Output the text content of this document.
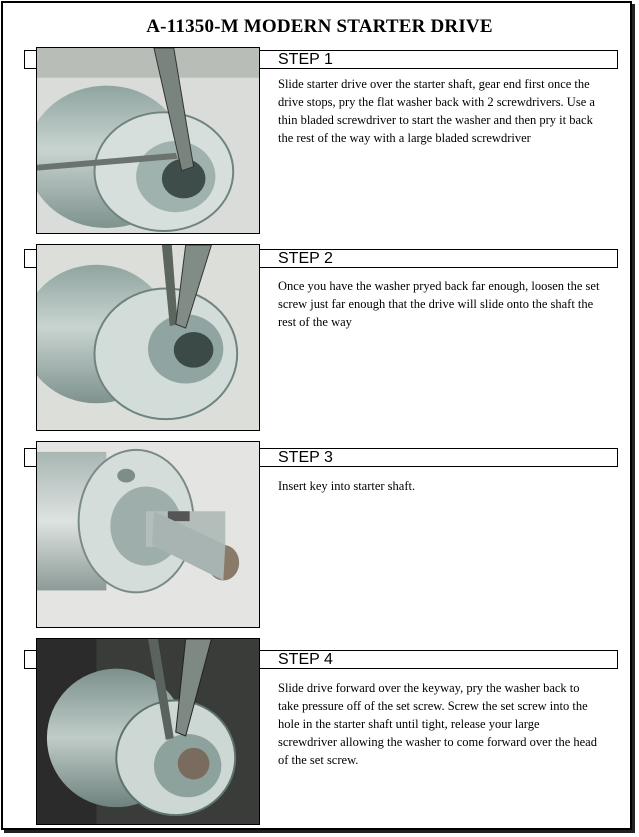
A-11350-M MODERN STARTER DRIVE
STEP 1
Slide starter drive over the starter shaft, gear end first once the drive stops, pry the flat washer back with 2 screwdrivers. Use a thin bladed screwdriver to start the washer and then pry it back the rest of the way with a large bladed screwdriver
STEP 2
Once you have the washer pryed back far enough, loosen the set screw just far enough that the drive will slide onto the shaft the rest of the way
STEP 3
Insert key into starter shaft.
STEP 4
Slide drive forward over the keyway, pry the washer back to take pressure off of the set screw. Screw the set screw into the hole in the starter shaft until tight, release your large screwdriver allowing the washer to come forward over the head of the set screw.
